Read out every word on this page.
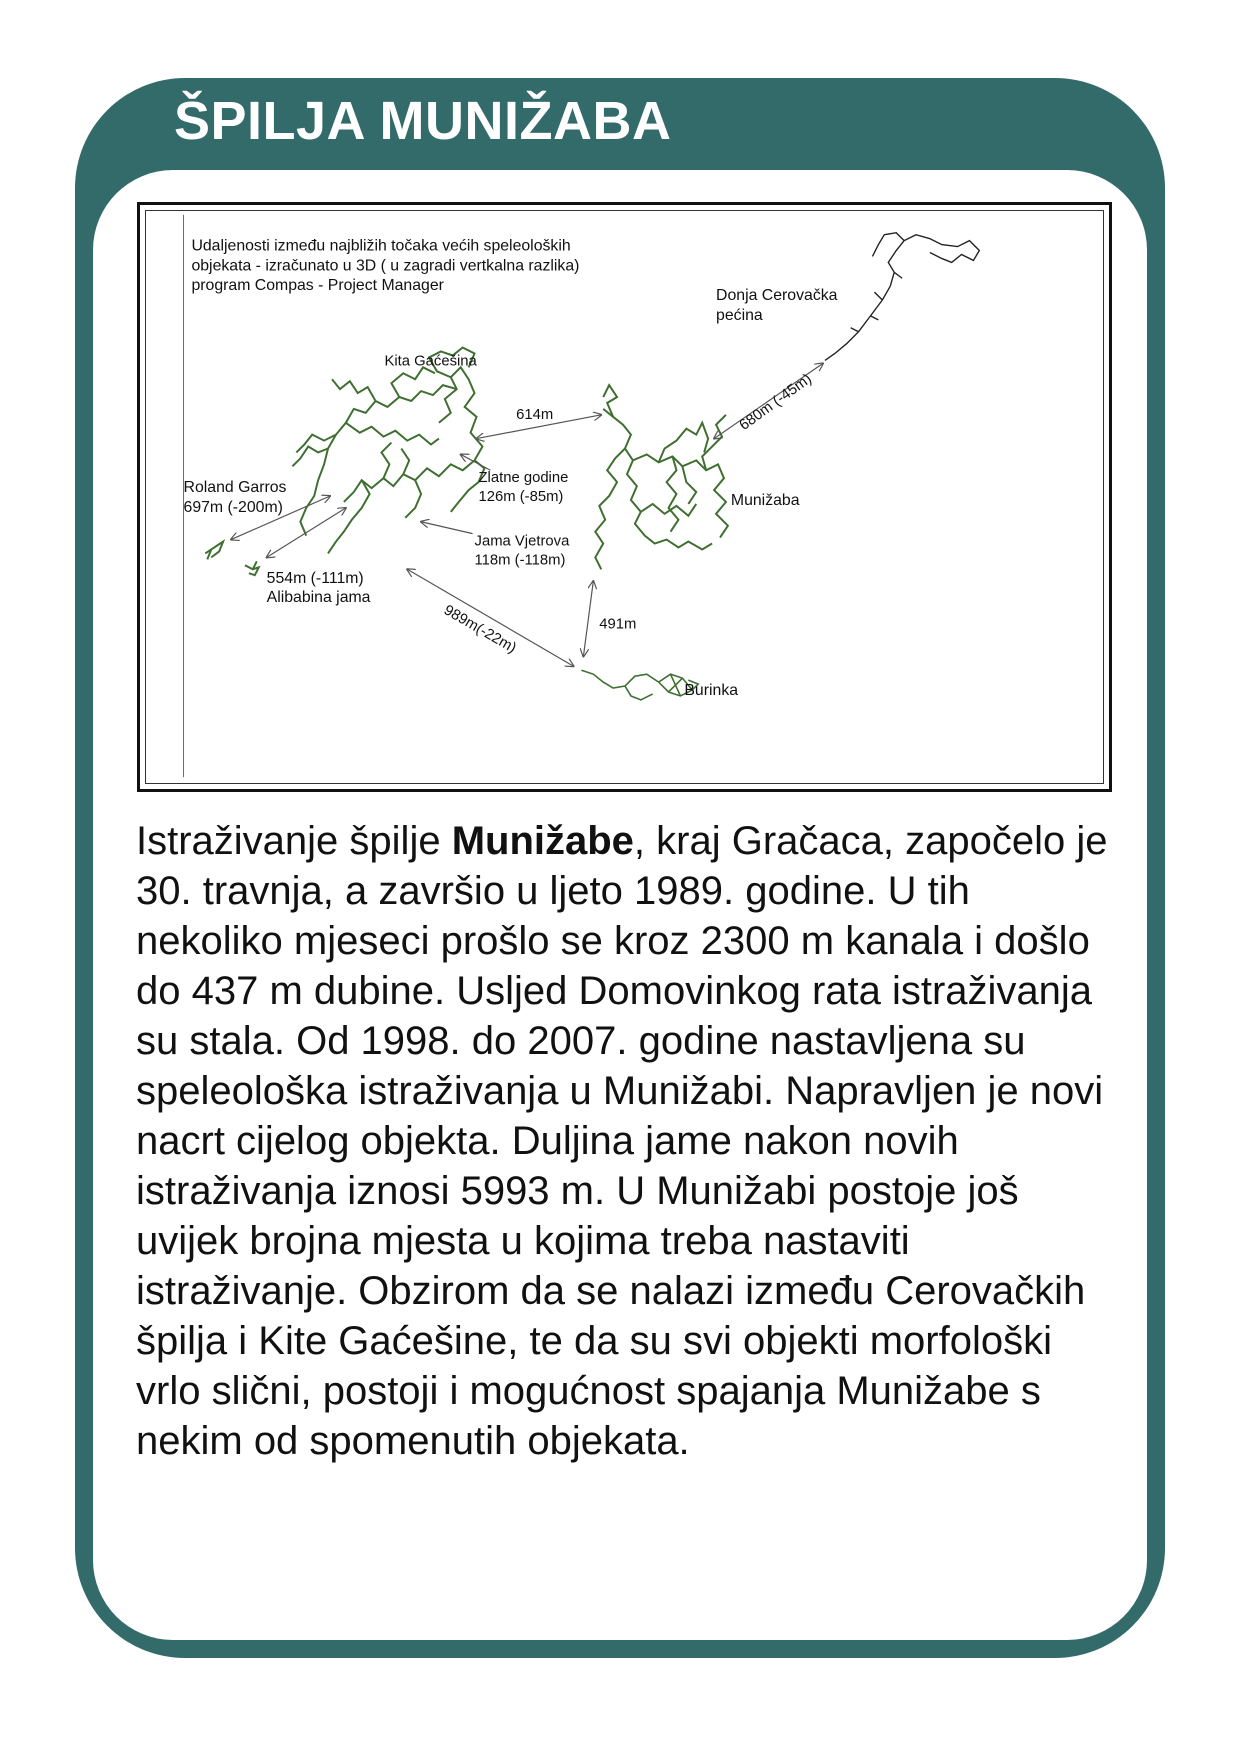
ŠPILJA MUNIŽABA
Udaljenosti između najbližih točaka većih speleoloških
objekata - izračunato u 3D ( u zagradi vertkalna razlika)
program Compas - Project Manager
Donja Cerovačka
pećina
Kita Gaćešina
Munižaba
Roland Garros
697m (-200m)
554m (-111m)
Alibabina jama
Burinka
614m	680m (-45m)
Zlatne godine
126m (-85m)
Jama Vjetrova
118m (-118m)
989m(-22m)	491m

Istraživanje špilje Munižabe, kraj Gračaca, započelo je 30. travnja, a završio u ljeto 1989. godine. U tih nekoliko mjeseci prošlo se kroz 2300 m kanala i došlo do 437 m dubine. Usljed Domovinkog rata istraživanja su stala. Od 1998. do 2007. godine nastavljena su speleološka istraživanja u Munižabi. Napravljen je novi nacrt cijelog objekta. Duljina jame nakon novih istraživanja iznosi 5993 m. U Munižabi postoje još uvijek brojna mjesta u kojima treba nastaviti istraživanje. Obzirom da se nalazi između Cerovačkih špilja i Kite Gaćešine, te da su svi objekti morfološki vrlo slični, postoji i mogućnost spajanja Munižabe s nekim od spomenutih objekata.
